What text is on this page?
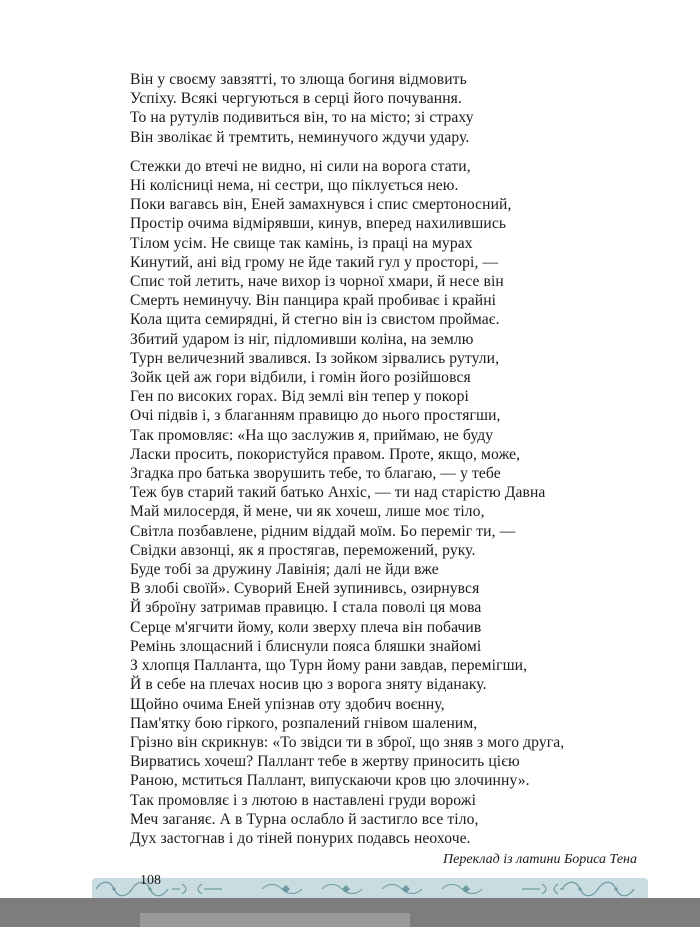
Він у своєму завзятті, то злюща богиня відмовить
Успіху. Всякі чергуються в серці його почування.
То на рутулів подивиться він, то на місто; зі страху
Він зволікає й тремтить, неминучого ждучи удару.
Стежки до втечі не видно, ні сили на ворога стати,
Ні колісниці нема, ні сестри, що піклується нею.
Поки вагавсь він, Еней замахнувся і спис смертоносний,
Простір очима відмірявши, кинув, вперед нахилившись
Тілом усім. Не свище так камінь, із праці на мурах
Кинутий, ані від грому не йде такий гул у просторі, —
Спис той летить, наче вихор із чорної хмари, й несе він
Смерть неминучу. Він панцира край пробиває і крайні
Кола щита семирядні, й стегно він із свистом проймає.
Збитий ударом із ніг, підломивши коліна, на землю
Турн величезний звалився. Із зойком зірвались рутули,
Зойк цей аж гори відбили, і гомін його розійшовся
Ген по високих горах. Від землі він тепер у покорі
Очі підвів і, з благанням правицю до нього простягши,
Так промовляє: «На що заслужив я, приймаю, не буду
Ласки просить, покористуйся правом. Проте, якщо, може,
Згадка про батька зворушить тебе, то благаю, — у тебе
Теж був старий такий батько Анхіс, — ти над старістю Давна
Май милосердя, й мене, чи як хочеш, лише моє тіло,
Світла позбавлене, рідним віддай моїм. Бо переміг ти, —
Свідки авзонці, як я простягав, переможений, руку.
Буде тобі за дружину Лавінія; далі не йди вже
В злобі своїй». Суворий Еней зупинивсь, озирнувся
Й зброїну затримав правицю. І стала поволі ця мова
Серце м'ягчити йому, коли зверху плеча він побачив
Ремінь злощасний і блиснули пояса бляшки знайомі
З хлопця Палланта, що Турн йому рани завдав, перемігши,
Й в себе на плечах носив цю з ворога зняту віданаку.
Щойно очима Еней упізнав оту здобич воєнну,
Пам'ятку бою гіркого, розпалений гнівом шаленим,
Грізно він скрикнув: «То звідси ти в зброї, що зняв з мого друга,
Вирватись хочеш? Паллант тебе в жертву приносить цією
Раною, мститься Паллант, випускаючи кров цю злочинну».
Так промовляє і з лютою в наставлені груди ворожі
Меч заганяє. А в Турна ослабло й застигло все тіло,
Дух застогнав і до тіней понурих подавсь неохоче.
Переклад із латини Бориса Тена
108
